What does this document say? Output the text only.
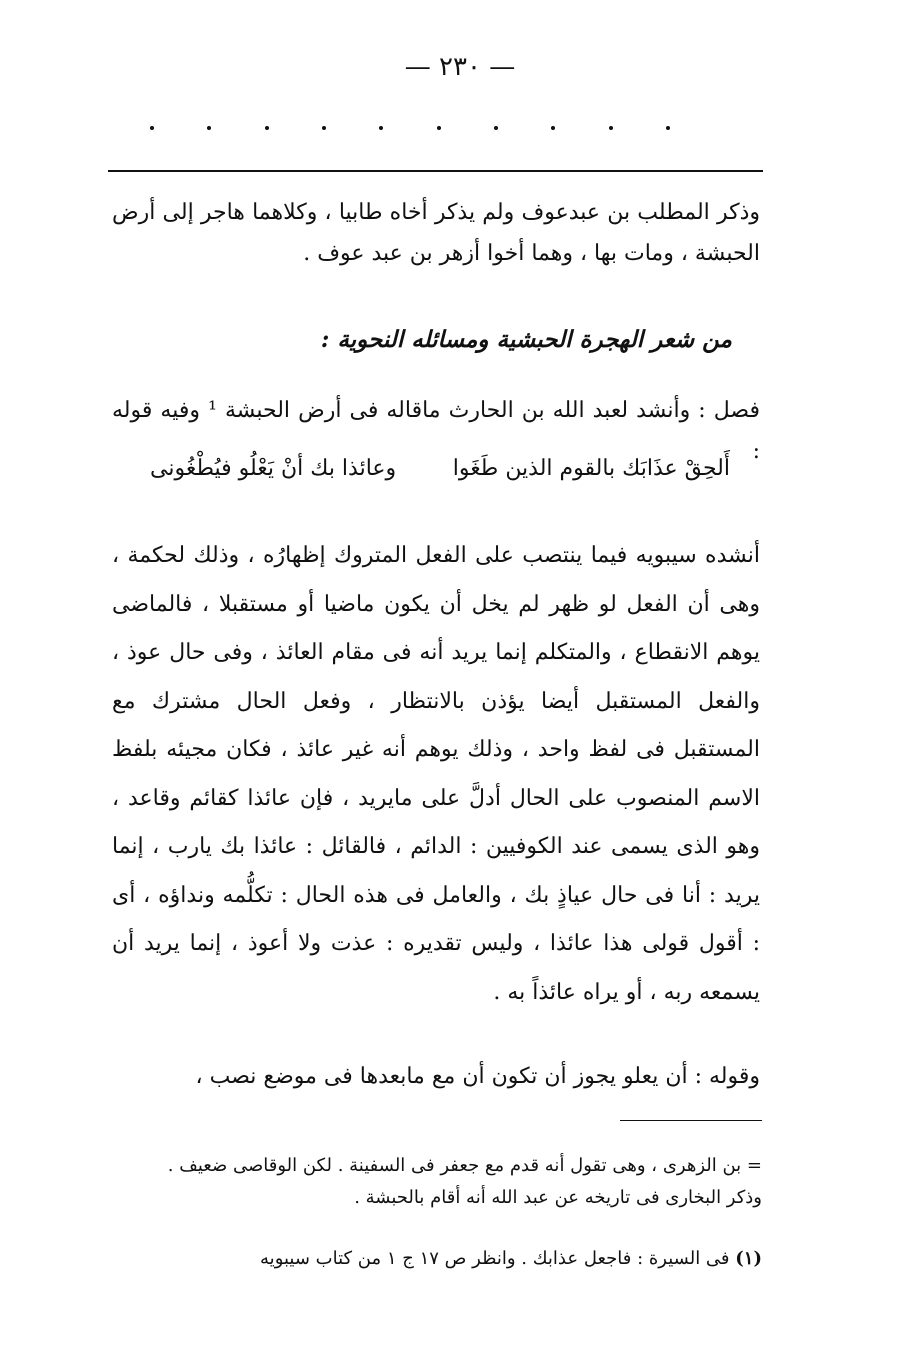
— ٢٣٠ —

وذكر المطلب بن عبدعوف ولم يذكر أخاه طابيا ، وكلاهما هاجر إلى أرض الحبشة ، ومات بها ، وهما أخوا أزهر بن عبد عوف .

من شعر الهجرة الحبشية ومسائله النحوية :

فصل : وأنشد لعبد الله بن الحارث ماقاله فى أرض الحبشة ¹ وفيه قوله :

أَلحِقْ عذَابَك بالقوم الذين طَغَوا
وعائذا بك أنْ يَعْلُو فيُطْغُونى

أنشده سيبويه فيما ينتصب على الفعل المتروك إظهارُه ، وذلك لحكمة ، وهى أن الفعل لو ظهر لم يخل أن يكون ماضيا أو مستقبلا ، فالماضى يوهم الانقطاع ، والمتكلم إنما يريد أنه فى مقام العائذ ، وفى حال عوذ ، والفعل المستقبل أيضا يؤذن بالانتظار ، وفعل الحال مشترك مع المستقبل فى لفظ واحد ، وذلك يوهم أنه غير عائذ ، فكان مجيئه بلفظ الاسم المنصوب على الحال أدلَّ على مايريد ، فإن عائذا كقائم وقاعد ، وهو الذى يسمى عند الكوفيين : الدائم ، فالقائل : عائذا بك يارب ، إنما يريد : أنا فى حال عياذٍ بك ، والعامل فى هذه الحال : تكلُّمه ونداؤه ، أى : أقول قولى هذا عائذا ، وليس تقديره : عذت ولا أعوذ ، إنما يريد أن يسمعه ربه ، أو يراه عائذاً به .

وقوله : أن يعلو يجوز أن تكون أن مع مابعدها فى موضع نصب ،

= بن الزهرى ، وهى تقول أنه قدم مع جعفر فى السفينة . لكن الوقاصى ضعيف . وذكر البخارى فى تاريخه عن عبد الله أنه أقام بالحبشة .

(١) فى السيرة : فاجعل عذابك . وانظر ص ١٧ ج ١ من كتاب سيبويه
